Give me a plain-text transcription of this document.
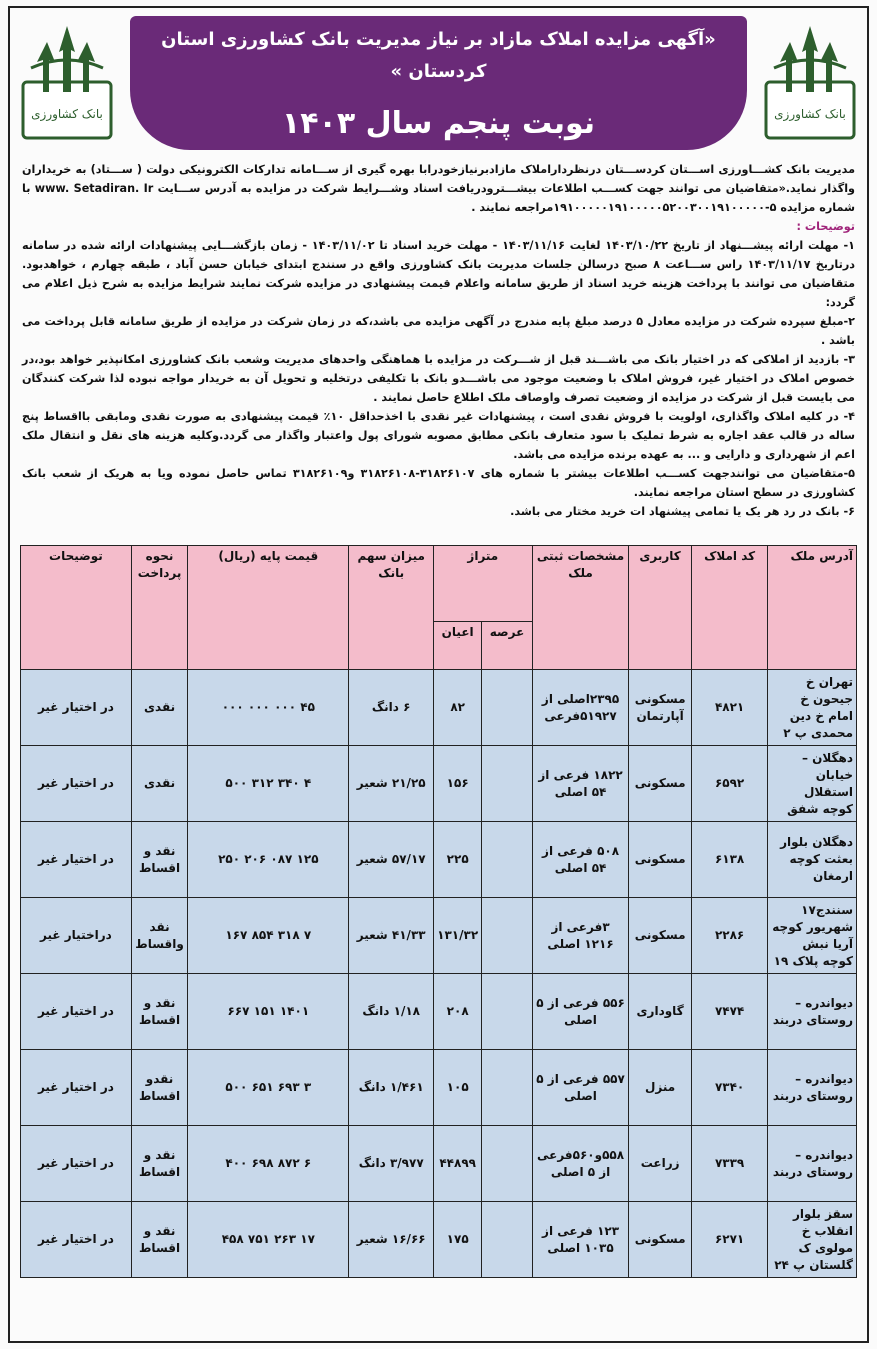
بانک کشاورزی
«آگهی مزایده املاک مازاد بر نیاز مدیریت بانک کشاورزی استان کردستان »
نوبت پنجم سال ۱۴۰۳
بانک کشاورزی

مدیریت بانک کشـــاورزی اســـتان کردســـتان درنظرداراملاک مازادبرنیازخودرابا بهره گیری از ســـامانه تدارکات الکترونیکی دولت ( ســـتاد) به خریداران واگذار نماید.«متقاضیان می توانند جهت کســـب اطلاعات بیشـــترودریافت اسناد وشـــرایط شرکت در مزایده به آدرس ســـایت www. Setadiran. Ir با شماره مزایده ۵-۱۹۱۰۰۰۰۰۱۹۱۰۰۰۰۰۵۲۰۰۳۰۰۱۹۱۰۰۰۰۰مراجعه نمایند .

توضیحات :

۱- مهلت ارائه پیشـــنهاد از تاریخ ۱۴۰۳/۱۰/۲۲ لغایت ۱۴۰۳/۱۱/۱۶ - مهلت خرید اسناد تا ۱۴۰۳/۱۱/۰۲ - زمان بازگشـــایی پیشنهادات ارائه شده در سامانه درتاریخ ۱۴۰۳/۱۱/۱۷ راس ســـاعت ۸ صبح درسالن جلسات مدیریت بانک کشاورزی واقع در سنندج ابتدای خیابان حسن آباد ، طبقه چهارم ، خواهدبود. متقاضیان می توانند با پرداخت هزینه خرید اسناد از طریق سامانه واعلام قیمت پیشنهادی در مزایده شرکت نمایند شرایط مزایده به شرح ذیل اعلام می گردد:
۲-مبلغ سپرده شرکت در مزایده معادل ۵ درصد مبلغ پایه مندرج در آگهی مزایده می باشد،که در زمان شرکت در مزایده از طریق سامانه قابل پرداخت می باشد .
۳- بازدید از املاکی که در اختیار بانک می باشـــند قبل از شـــرکت در مزایده با هماهنگی واحدهای مدیریت وشعب بانک کشاورزی امکانپذیر خواهد بود،در خصوص املاک در اختیار غیر، فروش املاک با وضعیت موجود می باشـــدو بانک با تکلیفی درتخلیه و تحویل آن به خریدار مواجه نبوده لذا شرکت کنندگان می بایست قبل از شرکت در مزایده از وضعیت تصرف واوصاف ملک اطلاع حاصل نمایند .
۴- در کلیه املاک واگذاری، اولویت با فروش نقدی است ، پیشنهادات غیر نقدی با اخذحداقل ۱۰٪ قیمت پیشنهادی به صورت نقدی ومابقی بااقساط پنج ساله در قالب عقد اجاره به شرط تملیک با سود متعارف بانکی مطابق مصوبه شورای پول واعتبار واگذار می گردد.وکلیه هزینه های نقل و انتقال ملک اعم از شهرداری و دارایی و ... به عهده برنده مزایده می باشد.
۵-متقاضیان می توانندجهت کســـب اطلاعات بیشتر با شماره های ۳۱۸۲۶۱۰۷-۳۱۸۲۶۱۰۸ و۳۱۸۲۶۱۰۹ تماس حاصل نموده ویا به هریک از شعب بانک کشاورزی در سطح استان مراجعه نمایند.
۶- بانک در رد هر یک یا تمامی پیشنهاد ات خرید مختار می باشد.
آدرس ملک	کد املاک	کاربری	مشخصات ثبتی ملک	متراژ		میزان سهم بانک	قیمت پایه (ریال)	نحوه پرداخت	توضیحات
				عرصه	اعیان				
تهران خ جیحون خ امام خ دین محمدی پ ۲	۴۸۲۱	مسکونی آپارتمان	۲۳۹۵اصلی از ۵۱۹۲۷فرعی		۸۲	۶ دانگ	۴۵ ۰۰۰ ۰۰۰ ۰۰۰	نقدی	در اختیار غیر
دهگلان – خیابان استقلال کوچه شفق	۶۵۹۲	مسکونی	۱۸۲۲ فرعی از ۵۴ اصلی		۱۵۶	۲۱/۲۵ شعیر	۴ ۳۴۰ ۳۱۲ ۵۰۰	نقدی	در اختیار غیر
دهگلان بلوار بعثت کوچه ارمغان	۶۱۳۸	مسکونی	۵۰۸ فرعی از ۵۴ اصلی		۲۲۵	۵۷/۱۷ شعیر	۱۲۵ ۰۸۷ ۲۰۶ ۲۵۰	نقد و اقساط	در اختیار غیر
سنندج۱۷ شهریور کوچه آریا نبش کوچه پلاک ۱۹	۲۲۸۶	مسکونی	۳فرعی از ۱۲۱۶ اصلی		۱۳۱/۳۲	۴۱/۳۳ شعیر	۷ ۳۱۸ ۸۵۴ ۱۶۷	نقد واقساط	دراختیار غیر
دیواندره – روستای دربند	۷۴۷۴	گاوداری	۵۵۶ فرعی از ۵ اصلی		۲۰۸	۱/۱۸ دانگ	۱۴۰۱ ۱۵۱ ۶۶۷	نقد و اقساط	در اختیار غیر
دیواندره – روستای دربند	۷۳۴۰	منزل	۵۵۷ فرعی از ۵ اصلی		۱۰۵	۱/۴۶۱ دانگ	۳ ۶۹۳ ۶۵۱ ۵۰۰	نقدو اقساط	در اختیار غیر
دیواندره – روستای دربند	۷۳۳۹	زراعت	۵۵۸و۵۶۰فرعی از ۵ اصلی		۴۴۸۹۹	۳/۹۷۷ دانگ	۶ ۸۷۲ ۶۹۸ ۴۰۰	نقد و اقساط	در اختیار غیر
سقز بلوار انقلاب خ مولوی ک گلستان پ ۲۴	۶۲۷۱	مسکونی	۱۲۳ فرعی از ۱۰۳۵ اصلی		۱۷۵	۱۶/۶۶ شعیر	۱۷ ۲۶۳ ۷۵۱ ۴۵۸	نقد و اقساط	در اختیار غیر
